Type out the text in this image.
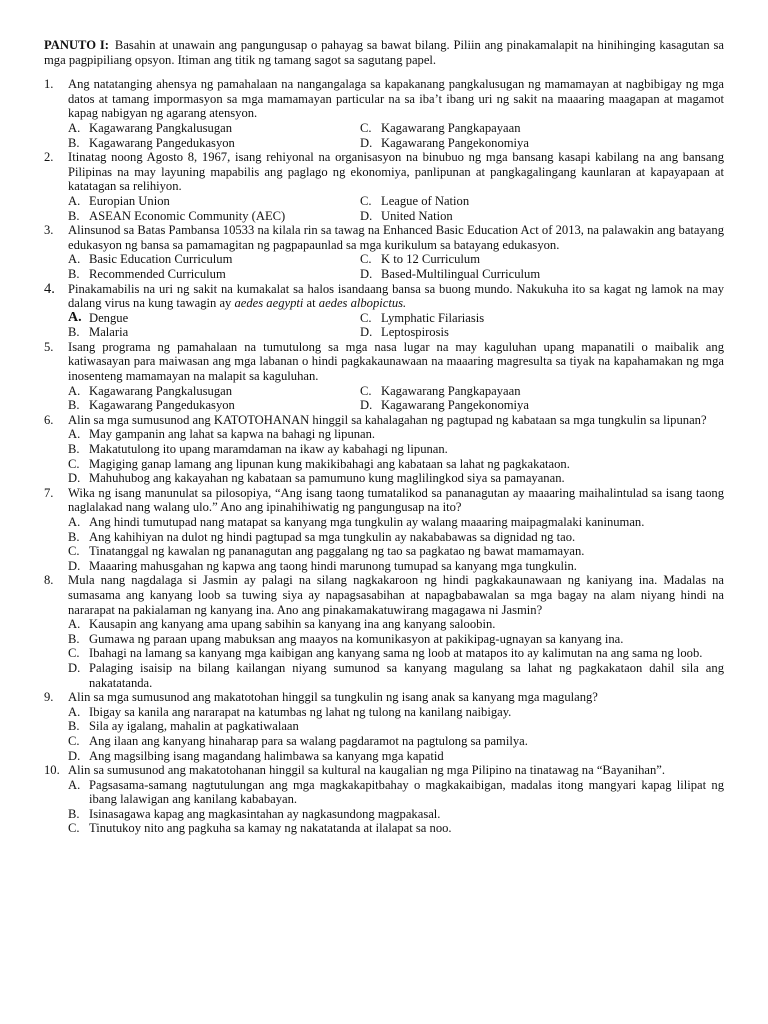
PANUTO I: Basahin at unawain ang pangungusap o pahayag sa bawat bilang. Piliin ang pinakamalapit na hinihinging kasagutan sa mga pagpipiliang opsyon. Itiman ang titik ng tamang sagot sa sagutang papel.
1. Ang natatanging ahensya ng pamahalaan na nangangalaga sa kapakanang pangkalusugan ng mamamayan at nagbibigay ng mga datos at tamang impormasyon sa mga mamamayan particular na sa iba’t ibang uri ng sakit na maaaring maagapan at magamot kapag nabigyan ng agarang atensyon.
A. Kagawarang Pangkalusugan	C. Kagawarang Pangkapayaan
B. Kagawarang Pangedukasyon	D. Kagawarang Pangekonomiya
2. Itinatag noong Agosto 8, 1967, isang rehiyonal na organisasyon na binubuo ng mga bansang kasapi kabilang na ang bansang Pilipinas na may layuning mapabilis ang paglago ng ekonomiya, panlipunan at pangkagalingang kaunlaran at kapayapaan at katatagan sa relihiyon.
A. Europian Union	C. League of Nation
B. ASEAN Economic Community (AEC)	D. United Nation
3. Alinsunod sa Batas Pambansa 10533 na kilala rin sa tawag na Enhanced Basic Education Act of 2013, na palawakin ang batayang edukasyon ng bansa sa pamamagitan ng pagpapaunlad sa mga kurikulum sa batayang edukasyon.
A. Basic Education Curriculum	C. K to 12 Curriculum
B. Recommended Curriculum	D. Based-Multilingual Curriculum
4. Pinakamabilis na uri ng sakit na kumakalat sa halos isandaang bansa sa buong mundo. Nakukuha ito sa kagat ng lamok na may dalang virus na kung tawagin ay aedes aegypti at aedes albopictus.
A. Dengue	C. Lymphatic Filariasis
B. Malaria	D. Leptospirosis
5. Isang programa ng pamahalaan na tumutulong sa mga nasa lugar na may kaguluhan upang mapanatili o maibalik ang katiwasayan para maiwasan ang mga labanan o hindi pagkakaunawaan na maaaring magresulta sa tiyak na kapahamakan ng mga inosenteng mamamayan na malapit sa kaguluhan.
A. Kagawarang Pangkalusugan	C. Kagawarang Pangkapayaan
B. Kagawarang Pangedukasyon	D. Kagawarang Pangekonomiya
6. Alin sa mga sumusunod ang KATOTOHANAN hinggil sa kahalagahan ng pagtupad ng kabataan sa mga tungkulin sa lipunan?
A. May gampanin ang lahat sa kapwa na bahagi ng lipunan.
B. Makatutulong ito upang maramdaman na ikaw ay kabahagi ng lipunan.
C. Magiging ganap lamang ang lipunan kung makikibahagi ang kabataan sa lahat ng pagkakataon.
D. Mahuhubog ang kakayahan ng kabataan sa pamumuno kung maglilingkod siya sa pamayanan.
7. Wika ng isang manunulat sa pilosopiya, “Ang isang taong tumatalikod sa pananagutan ay maaaring maihalintulad sa isang taong naglalakad nang walang ulo.” Ano ang ipinahihiwatig ng pangungusap na ito?
A. Ang hindi tumutupad nang matapat sa kanyang mga tungkulin ay walang maaaring maipagmalaki kaninuman.
B. Ang kahihiyan na dulot ng hindi pagtupad sa mga tungkulin ay nakababawas sa dignidad ng tao.
C. Tinatanggal ng kawalan ng pananagutan ang paggalang ng tao sa pagkatao ng bawat mamamayan.
D. Maaaring mahusgahan ng kapwa ang taong hindi marunong tumupad sa kanyang mga tungkulin.
8. Mula nang nagdalaga si Jasmin ay palagi na silang nagkakaroon ng hindi pagkakaunawaan ng kaniyang ina. Madalas na sumasama ang kanyang loob sa tuwing siya ay napagsasabihan at napagbabawalan sa mga bagay na alam niyang hindi na nararapat na pakialaman ng kanyang ina. Ano ang pinakamakatuwirang magagawa ni Jasmin?
A. Kausapin ang kanyang ama upang sabihin sa kanyang ina ang kanyang saloobin.
B. Gumawa ng paraan upang mabuksan ang maayos na komunikasyon at pakikipag-ugnayan sa kanyang ina.
C. Ibahagi na lamang sa kanyang mga kaibigan ang kanyang sama ng loob at matapos ito ay kalimutan na ang sama ng loob.
D. Palaging isaisip na bilang kailangan niyang sumunod sa kanyang magulang sa lahat ng pagkakataon dahil sila ang nakatatanda.
9. Alin sa mga sumusunod ang makatotohan hinggil sa tungkulin ng isang anak sa kanyang mga magulang?
A. Ibigay sa kanila ang nararapat na katumbas ng lahat ng tulong na kanilang naibigay.
B. Sila ay igalang, mahalin at pagkatiwalaan
C. Ang ilaan ang kanyang hinaharap para sa walang pagdaramot na pagtulong sa pamilya.
D. Ang magsilbing isang magandang halimbawa sa kanyang mga kapatid
10. Alin sa sumusunod ang makatotohanan hinggil sa kultural na kaugalian ng mga Pilipino na tinatawag na “Bayanihan”.
A. Pagsasama-samang nagtutulungan ang mga magkakapitbahay o magkakaibigan, madalas itong mangyari kapag lilipat ng ibang lalawigan ang kanilang kababayan.
B. Isinasagawa kapag ang magkasintahan ay nagkasundong magpakasal.
C. Tinutukoy nito ang pagkuha sa kamay ng nakatatanda at ilalapat sa noo.
